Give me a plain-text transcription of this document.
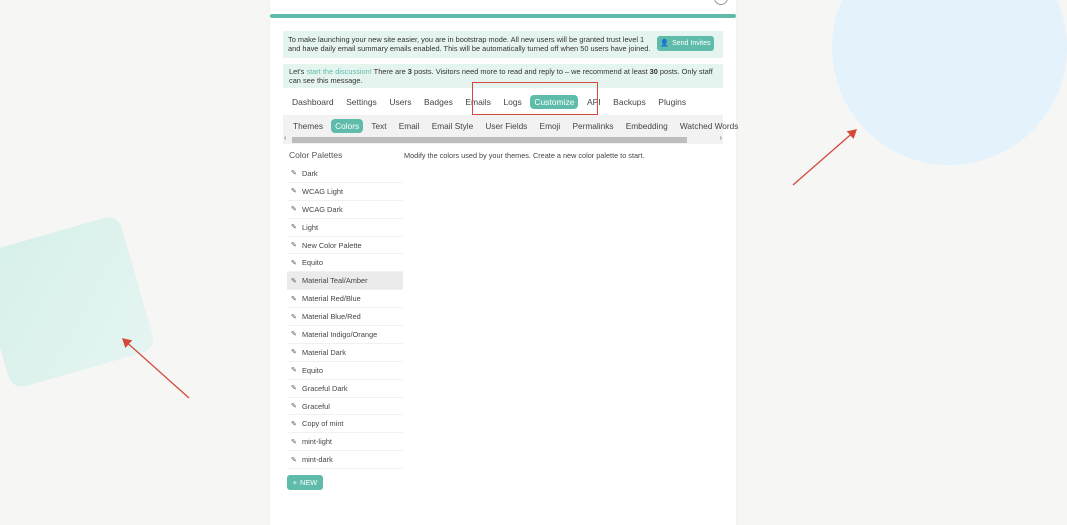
To make launching your new site easier, you are in bootstrap mode. All new users will be granted trust level 1 and have daily email summary emails enabled. This will be automatically turned off when 50 users have joined.
👤 Send Invites
Let's start the discussion! There are 3 posts. Visitors need more to read and reply to – we recommend at least 30 posts. Only staff can see this message.
Dashboard	Settings	Users	Badges	Emails	Logs	Customize	API	Backups	Plugins
Themes	Colors	Text	Email	Email Style	User Fields	Emoji	Permalinks	Embedding	Watched Words
‹	›
Color Palettes	Modify the colors used by your themes. Create a new color palette to start.
✎ Dark
✎ WCAG Light
✎ WCAG Dark
✎ Light
✎ New Color Palette
✎ Equito
✎ Material Teal/Amber
✎ Material Red/Blue
✎ Material Blue/Red
✎ Material Indigo/Orange
✎ Material Dark
✎ Equito
✎ Graceful Dark
✎ Graceful
✎ Copy of mint
✎ mint-light
✎ mint-dark
+ NEW
